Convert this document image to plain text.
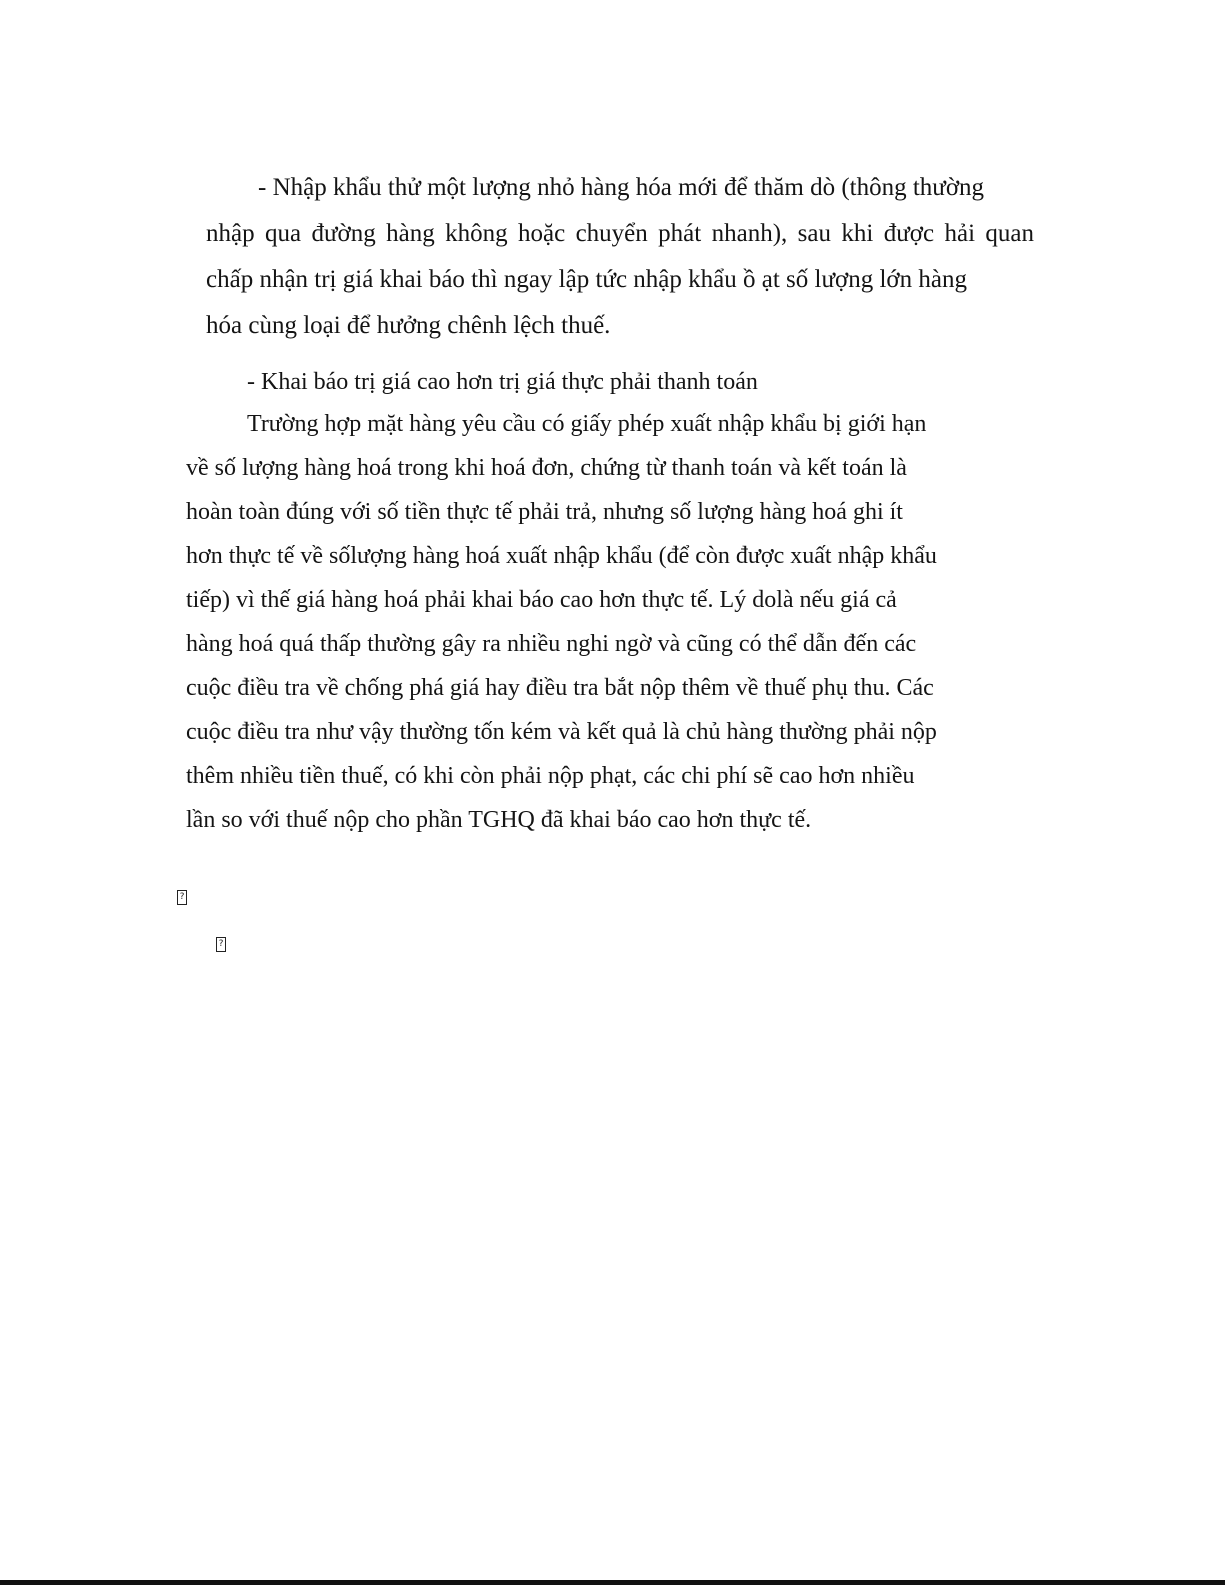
- Nhập khẩu thử một lượng nhỏ hàng hóa mới để thăm dò (thông thường
nhập qua đường hàng không hoặc chuyển phát nhanh), sau khi được hải quan
chấp nhận trị giá khai báo thì ngay lập tức nhập khẩu ồ ạt số lượng lớn hàng
hóa cùng loại để hưởng chênh lệch thuế.
- Khai báo trị giá cao hơn trị giá thực phải thanh toán
Trường hợp mặt hàng yêu cầu có giấy phép xuất nhập khẩu bị giới hạn
về số lượng hàng hoá trong khi hoá đơn, chứng từ thanh toán và kết toán là
hoàn toàn đúng với số tiền thực tế phải trả, nhưng số lượng hàng hoá ghi ít
hơn thực tế về sốlượng hàng hoá xuất nhập khẩu (để còn được xuất nhập khẩu
tiếp) vì thế giá hàng hoá phải khai báo cao hơn thực tế. Lý dolà nếu giá cả
hàng hoá quá thấp thường gây ra nhiều nghi ngờ và cũng có thể dẫn đến các
cuộc điều tra về chống phá giá hay điều tra bắt nộp thêm về thuế phụ thu. Các
cuộc điều tra như vậy thường tốn kém và kết quả là chủ hàng thường phải nộp
thêm nhiều tiền thuế, có khi còn phải nộp phạt, các chi phí sẽ cao hơn nhiều
lần so với thuế nộp cho phần TGHQ đã khai báo cao hơn thực tế.
?
?
